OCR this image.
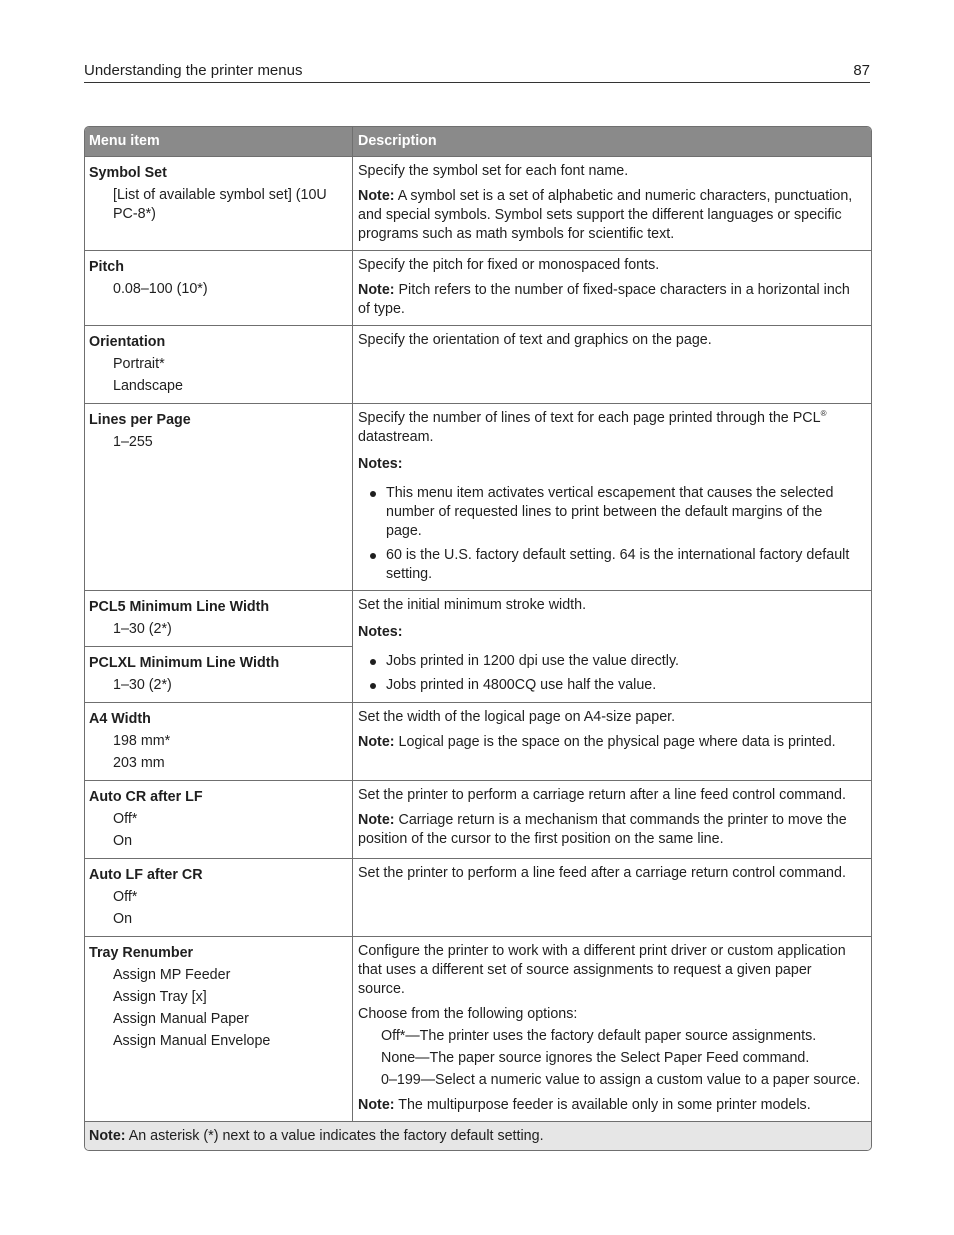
Understanding the printer menus	87
Menu item	Description
Symbol Set
[List of available symbol set] (10U PC-8*)

Specify the symbol set for each font name.

Note: A symbol set is a set of alphabetic and numeric characters, punctuation, and special symbols. Symbol sets support the different languages or specific programs such as math symbols for scientific text.

Pitch
0.08–100 (10*)

Specify the pitch for fixed or monospaced fonts.

Note: Pitch refers to the number of fixed-space characters in a horizontal inch of type.

Orientation
Portrait*
Landscape

Specify the orientation of text and graphics on the page.

Lines per Page
1–255

Specify the number of lines of text for each page printed through the PCL® datastream.

Notes:
This menu item activates vertical escapement that causes the selected number of requested lines to print between the default margins of the page.
60 is the U.S. factory default setting. 64 is the international factory default setting.
PCL5 Minimum Line Width
1–30 (2*)
PCLXL Minimum Line Width
1–30 (2*)

Set the initial minimum stroke width.

Notes:
Jobs printed in 1200 dpi use the value directly.
Jobs printed in 4800CQ use half the value.
A4 Width
198 mm*
203 mm

Set the width of the logical page on A4-size paper.

Note: Logical page is the space on the physical page where data is printed.

Auto CR after LF
Off*
On

Set the printer to perform a carriage return after a line feed control command.

Note: Carriage return is a mechanism that commands the printer to move the position of the cursor to the first position on the same line.

Auto LF after CR
Off*
On

Set the printer to perform a line feed after a carriage return control command.

Tray Renumber
Assign MP Feeder
Assign Tray [x]
Assign Manual Paper
Assign Manual Envelope

Configure the printer to work with a different print driver or custom application that uses a different set of source assignments to request a given paper source.

Choose from the following options:

Off*—The printer uses the factory default paper source assignments.
None—The paper source ignores the Select Paper Feed command.
0–199—Select a numeric value to assign a custom value to a paper source.

Note: The multipurpose feeder is available only in some printer models.

Note: An asterisk (*) next to a value indicates the factory default setting.
